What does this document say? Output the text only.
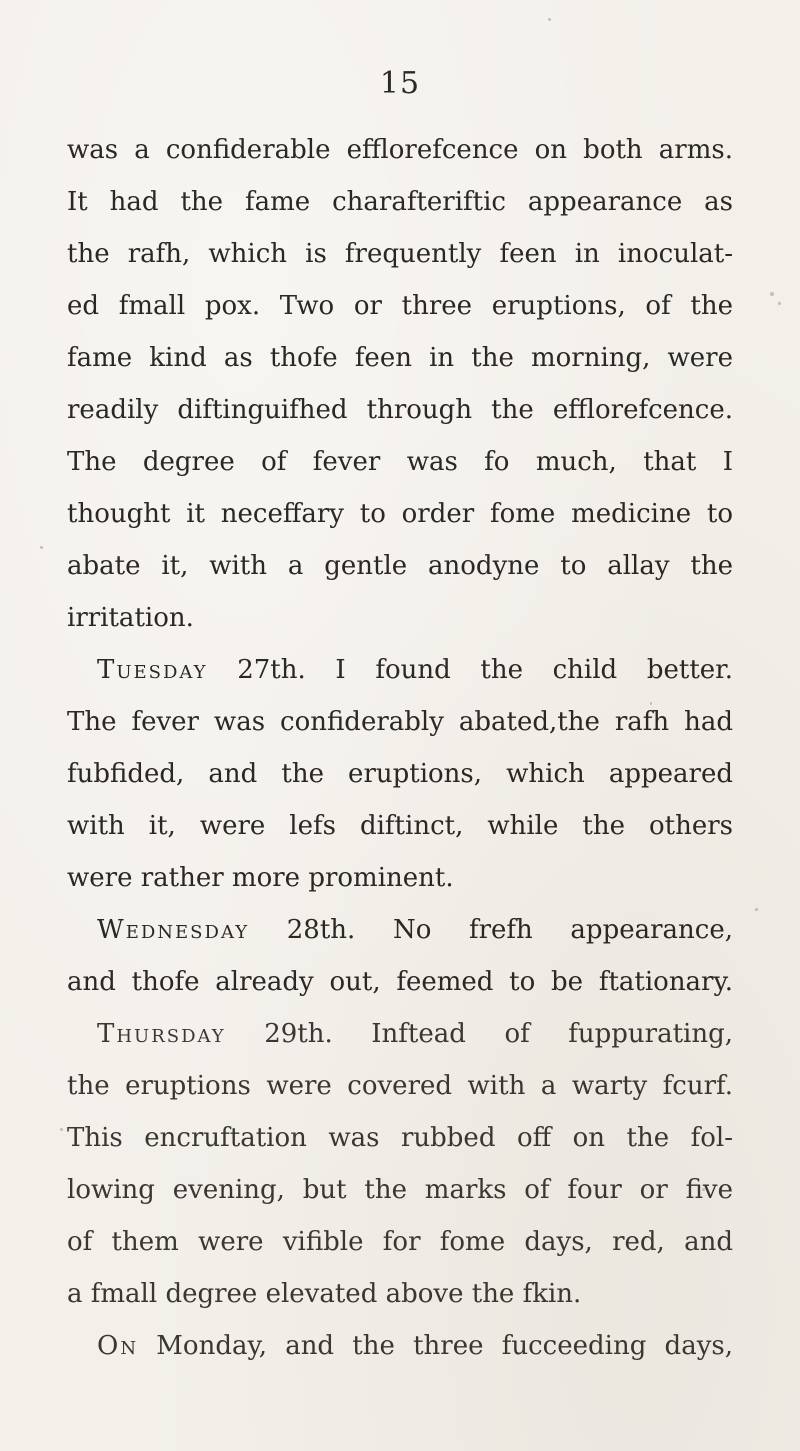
15
was a confiderable efflorefcence on both arms.
It had the fame charafteriftic appearance as
the rafh, which is frequently feen in inoculat-
ed fmall pox. Two or three eruptions, of the
fame kind as thofe feen in the morning, were
readily diftinguifhed through the efflorefcence.
The degree of fever was fo much, that I
thought it neceffary to order fome medicine to
abate it, with a gentle anodyne to allay the
irritation.
Tuesday 27th. I found the child better.
The fever was confiderably abated,the rafh had
fubfided, and the eruptions, which appeared
with it, were lefs diftinct, while the others
were rather more prominent.
Wednesday 28th. No frefh appearance,
and thofe already out, feemed to be ftationary.
Thursday 29th. Inftead of fuppurating,
the eruptions were covered with a warty fcurf.
This encruftation was rubbed off on the fol-
lowing evening, but the marks of four or five
of them were vifible for fome days, red, and
a fmall degree elevated above the fkin.
On Monday, and the three fucceeding days,
